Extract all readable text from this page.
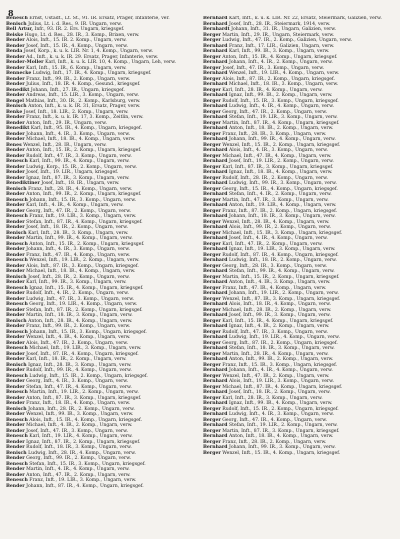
8

Benesch Ernst, Ustadt., Lt. St., 91. IR. Ersatz, Prager, Infanterie, ver.

Benisch Julius, Lt. i. d. Res., 9. IR. Ungarn, verw.

Bell Artur, Infr., 93. IR. 2. Ers. Ungarn, kriegsgef.

Beiske Hugo, Lt. d. Res., 28. IR., 3. Komp., Brixen, verw.

Bender Alois, Inft., 15. IR. 2. Komp., Ungarn, verw.

Bender Josef, Inft., 15. IR., 4. Komp., Ungarn, verw.

Benda Josef, Korp., k. u. k. LIR. Nr. 1, 4. Komp., Ungarn, verw.

Bender Ad., Inft., k. u. k. IR. 29. Ersatz, Prager, Infanterie, verw.

Bender-Moller Karl, Inft., k. u. k. LIR. 10, 4. Komp., Ungarn, Leh, verw.

Bender Karl, Inft., 15. IR., 6. Komp., Ungarn, verw.

Bennecke Ludwig, Inft., 17. IR., 4. Komp., Ungarn, kriegsgef.

Bender Franz, Inft., 99. IR., 2. Komp., Ungarn, verw.

Bender Julius, Inft., 18. IR. 4. Komp., Gesund., kriegsgef.

Benedikt Johann, Inft., 27. IR., Ungarn, kriegsgef.

Bender Andreas, Inft., 15. LIR., 3. Komp., Ungarn, verw.

Bengel Mathias, Inft., 30. IR., 2. Komp., Karlsburg, verw.

Benisch Anton, Inft., k. u. k. IR. 31, Ersatz, Prager, verw.

Benke Josef, Inft., 18. LIR., 2. Komp., Ungarn, verw.

Bender Franz, Inft., k. u. k. IR. 17, 3. Komp., Zeitlin, verw.

Bender Anton, Inft., 29. IR., Ungarn, verw.

Benedikt Karl, Inft., 95. IR., 4. Komp., Ungarn, kriegsgef.

Bender Johann, Inft., 4. IR., 3. Komp., Ungarn, verw.

Bender Michael, Inft., 18. IR., 4. Komp., Ungarn, verw.

Benes Wenzel, Inft., 28. IR., Ungarn, verw.

Bender Anton, Inft., 15. IR., 2. Komp., Ungarn, kriegsgef.

Bender Rudolf, Inft., 47. IR., 3. Komp., Ungarn, verw.

Benesch Karl, Inft., 99. IR., 4. Komp., Ungarn, verw.

Bender Ludwig, Korp., 15. IR., 2. Komp., Ungarn, verw.

Bender Josef, Inft., 19. LIR., Ungarn, kriegsgef.

Bender Ignaz, Inft., 87. IR., 3. Komp., Ungarn, verw.

Benediktiner Josef, Inft., 18. IR., Ungarn, verw.

Benisch Franz, Inft., 28. IR., 4. Komp., Ungarn, verw.

Bender Anton, Inft., 99. IR., 2. Komp., Ungarn, kriegsgef.

Benesch Johann, Inft., 15. IR., 3. Komp., Ungarn, verw.

Bender Karl, Inft., 4. IR., 4. Komp., Ungarn, verw.

Bender Georg, Inft., 47. IR., 2. Komp., Ungarn, verw.

Benesch Franz, Inft., 19. LIR., 3. Komp., Ungarn, verw.

Bender Stefan, Inft., 87. IR., 4. Komp., Ungarn, kriegsgef.

Bender Josef, Inft., 18. IR., 2. Komp., Ungarn, verw.

Benisch Karl, Inft., 28. IR., 3. Komp., Ungarn, verw.

Bender Martin, Inft., 99. IR., 4. Komp., Ungarn, verw.

Benesch Anton, Inft., 15. IR., 2. Komp., Ungarn, kriegsgef.

Bender Johann, Inft., 4. IR., 3. Komp., Ungarn, verw.

Bender Franz, Inft., 47. IR., 4. Komp., Ungarn, verw.

Benesch Wenzel, Inft., 19. LIR., 2. Komp., Ungarn, verw.

Bender Alois, Inft., 87. IR., 3. Komp., Ungarn, kriegsgef.

Bender Michael, Inft., 18. IR., 4. Komp., Ungarn, verw.

Benisch Josef, Inft., 28. IR., 2. Komp., Ungarn, verw.

Bender Karl, Inft., 99. IR., 3. Komp., Ungarn, verw.

Benesch Ignaz, Inft., 15. IR., 4. Komp., Ungarn, kriegsgef.

Bender Rudolf, Inft., 4. IR., 2. Komp., Ungarn, verw.

Bender Ludwig, Inft., 47. IR., 3. Komp., Ungarn, verw.

Benesch Georg, Inft., 19. LIR., 4. Komp., Ungarn, verw.

Bender Stefan, Inft., 87. IR., 2. Komp., Ungarn, kriegsgef.

Bender Martin, Inft., 18. IR., 3. Komp., Ungarn, verw.

Benisch Anton, Inft., 28. IR., 4. Komp., Ungarn, verw.

Bender Franz, Inft., 99. IR., 2. Komp., Ungarn, verw.

Benesch Johann, Inft., 15. IR., 3. Komp., Ungarn, kriegsgef.

Bender Wenzel, Inft., 4. IR., 4. Komp., Ungarn, verw.

Bender Alois, Inft., 47. IR., 2. Komp., Ungarn, verw.

Benesch Michael, Inft., 19. LIR., 3. Komp., Ungarn, verw.

Bender Josef, Inft., 87. IR., 4. Komp., Ungarn, kriegsgef.

Bender Karl, Inft., 18. IR., 2. Komp., Ungarn, verw.

Benisch Ignaz, Inft., 28. IR., 3. Komp., Ungarn, verw.

Bender Rudolf, Inft., 99. IR., 4. Komp., Ungarn, verw.

Benesch Ludwig, Inft., 15. IR., 2. Komp., Ungarn, kriegsgef.

Bender Georg, Inft., 4. IR., 3. Komp., Ungarn, verw.

Bender Stefan, Inft., 47. IR., 4. Komp., Ungarn, verw.

Benesch Martin, Inft., 19. LIR., 2. Komp., Ungarn, verw.

Bender Anton, Inft., 87. IR., 3. Komp., Ungarn, kriegsgef.

Bender Franz, Inft., 18. IR., 4. Komp., Ungarn, verw.

Benisch Johann, Inft., 28. IR., 2. Komp., Ungarn, verw.

Bender Wenzel, Inft., 99. IR., 3. Komp., Ungarn, verw.

Benesch Alois, Inft., 15. IR., 4. Komp., Ungarn, kriegsgef.

Bender Michael, Inft., 4. IR., 2. Komp., Ungarn, verw.

Bender Josef, Inft., 47. IR., 3. Komp., Ungarn, verw.

Benesch Karl, Inft., 19. LIR., 4. Komp., Ungarn, verw.

Bender Ignaz, Inft., 87. IR., 2. Komp., Ungarn, kriegsgef.

Bender Rudolf, Inft., 18. IR., 3. Komp., Ungarn, verw.

Benisch Ludwig, Inft., 28. IR., 4. Komp., Ungarn, verw.

Bender Georg, Inft., 99. IR., 2. Komp., Ungarn, verw.

Benesch Stefan, Inft., 15. IR., 3. Komp., Ungarn, kriegsgef.

Bender Martin, Inft., 4. IR., 4. Komp., Ungarn, verw.

Bender Anton, Inft., 47. IR., 2. Komp., Ungarn, verw.

Benesch Franz, Inft., 19. LIR., 3. Komp., Ungarn, verw.

Bender Johann, Inft., 87. IR., 4. Komp., Ungarn, kriegsgef.

Bernhard Kart, Inft., k. u. k. LIR. Nr. 22, Ersatz, Steiermark, Galizien, verw.

Bernhard Josef, Inft., 28. IR., Steiermark, 1914, verw.

Bernhardt Johann, Inft., 31. IR., Ungarn, Galizien, verw.

Berger Martin, Inft., 29. IR., Ungarn, Steiermark, verw.

Berger Ludwig, Inft., 47. IR., 2. Komp., Galizien, Ungarn, verw.

Bernhard Franz, Inft., 17. LIR., Galizien, Ungarn, verw.

Bernhard Karl, Inft., 99. IR., 3. Komp., Ungarn, verw.

Berger Anton, Inft., 15. IR., 4. Komp., Ungarn, kriegsgef.

Bernhard Johann, Inft., 4. IR., 2. Komp., Ungarn, verw.

Berger Josef, Inft., 47. IR., 3. Komp., Ungarn, verw.

Bernhard Wenzel, Inft., 19. LIR., 4. Komp., Ungarn, verw.

Berger Alois, Inft., 87. IR., 2. Komp., Ungarn, kriegsgef.

Bernhard Michael, Inft., 18. IR., 3. Komp., Ungarn, verw.

Berger Karl, Inft., 28. IR., 4. Komp., Ungarn, verw.

Bernhard Ignaz, Inft., 99. IR., 2. Komp., Ungarn, verw.

Berger Rudolf, Inft., 15. IR., 3. Komp., Ungarn, kriegsgef.

Bernhard Ludwig, Inft., 4. IR., 4. Komp., Ungarn, verw.

Berger Georg, Inft., 47. IR., 2. Komp., Ungarn, verw.

Bernhard Stefan, Inft., 19. LIR., 3. Komp., Ungarn, verw.

Berger Martin, Inft., 87. IR., 4. Komp., Ungarn, kriegsgef.

Bernhard Anton, Inft., 18. IR., 2. Komp., Ungarn, verw.

Berger Franz, Inft., 28. IR., 3. Komp., Ungarn, verw.

Bernhard Johann, Inft., 99. IR., 4. Komp., Ungarn, verw.

Berger Wenzel, Inft., 15. IR., 2. Komp., Ungarn, kriegsgef.

Bernhard Alois, Inft., 4. IR., 3. Komp., Ungarn, verw.

Berger Michael, Inft., 47. IR., 4. Komp., Ungarn, verw.

Bernhard Josef, Inft., 19. LIR., 2. Komp., Ungarn, verw.

Berger Karl, Inft., 87. IR., 3. Komp., Ungarn, kriegsgef.

Bernhard Ignaz, Inft., 18. IR., 4. Komp., Ungarn, verw.

Berger Rudolf, Inft., 28. IR., 2. Komp., Ungarn, verw.

Bernhard Ludwig, Inft., 99. IR., 3. Komp., Ungarn, verw.

Berger Georg, Inft., 15. IR., 4. Komp., Ungarn, kriegsgef.

Bernhard Stefan, Inft., 4. IR., 2. Komp., Ungarn, verw.

Berger Martin, Inft., 47. IR., 3. Komp., Ungarn, verw.

Bernhard Anton, Inft., 19. LIR., 4. Komp., Ungarn, verw.

Berger Franz, Inft., 87. IR., 2. Komp., Ungarn, kriegsgef.

Bernhard Johann, Inft., 18. IR., 3. Komp., Ungarn, verw.

Berger Wenzel, Inft., 28. IR., 4. Komp., Ungarn, verw.

Bernhard Alois, Inft., 99. IR., 2. Komp., Ungarn, verw.

Berger Michael, Inft., 15. IR., 3. Komp., Ungarn, kriegsgef.

Bernhard Josef, Inft., 4. IR., 4. Komp., Ungarn, verw.

Berger Karl, Inft., 47. IR., 2. Komp., Ungarn, verw.

Bernhard Ignaz, Inft., 19. LIR., 3. Komp., Ungarn, verw.

Berger Rudolf, Inft., 87. IR., 4. Komp., Ungarn, kriegsgef.

Bernhard Ludwig, Inft., 18. IR., 2. Komp., Ungarn, verw.

Berger Georg, Inft., 28. IR., 3. Komp., Ungarn, verw.

Bernhard Stefan, Inft., 99. IR., 4. Komp., Ungarn, verw.

Berger Martin, Inft., 15. IR., 2. Komp., Ungarn, kriegsgef.

Bernhard Anton, Inft., 4. IR., 3. Komp., Ungarn, verw.

Berger Franz, Inft., 47. IR., 4. Komp., Ungarn, verw.

Bernhard Johann, Inft., 19. LIR., 2. Komp., Ungarn, verw.

Berger Wenzel, Inft., 87. IR., 3. Komp., Ungarn, kriegsgef.

Bernhard Alois, Inft., 18. IR., 4. Komp., Ungarn, verw.

Berger Michael, Inft., 28. IR., 2. Komp., Ungarn, verw.

Bernhard Josef, Inft., 99. IR., 3. Komp., Ungarn, verw.

Berger Karl, Inft., 15. IR., 4. Komp., Ungarn, kriegsgef.

Bernhard Ignaz, Inft., 4. IR., 2. Komp., Ungarn, verw.

Berger Rudolf, Inft., 47. IR., 3. Komp., Ungarn, verw.

Bernhard Ludwig, Inft., 19. LIR., 4. Komp., Ungarn, verw.

Berger Georg, Inft., 87. IR., 2. Komp., Ungarn, kriegsgef.

Bernhard Stefan, Inft., 18. IR., 3. Komp., Ungarn, verw.

Berger Martin, Inft., 28. IR., 4. Komp., Ungarn, verw.

Bernhard Anton, Inft., 99. IR., 2. Komp., Ungarn, verw.

Berger Franz, Inft., 15. IR., 3. Komp., Ungarn, kriegsgef.

Bernhard Johann, Inft., 4. IR., 4. Komp., Ungarn, verw.

Berger Wenzel, Inft., 47. IR., 2. Komp., Ungarn, verw.

Bernhard Alois, Inft., 19. LIR., 3. Komp., Ungarn, verw.

Berger Michael, Inft., 87. IR., 4. Komp., Ungarn, kriegsgef.

Bernhard Josef, Inft., 18. IR., 2. Komp., Ungarn, verw.

Berger Karl, Inft., 28. IR., 3. Komp., Ungarn, verw.

Bernhard Ignaz, Inft., 99. IR., 4. Komp., Ungarn, verw.

Berger Rudolf, Inft., 15. IR., 2. Komp., Ungarn, kriegsgef.

Bernhard Ludwig, Inft., 4. IR., 3. Komp., Ungarn, verw.

Berger Georg, Inft., 47. IR., 4. Komp., Ungarn, verw.

Bernhard Stefan, Inft., 19. LIR., 2. Komp., Ungarn, verw.

Berger Martin, Inft., 87. IR., 3. Komp., Ungarn, kriegsgef.

Bernhard Anton, Inft., 18. IR., 4. Komp., Ungarn, verw.

Berger Franz, Inft., 28. IR., 2. Komp., Ungarn, verw.

Bernhard Johann, Inft., 99. IR., 3. Komp., Ungarn, verw.

Berger Wenzel, Inft., 15. IR., 4. Komp., Ungarn, kriegsgef.
